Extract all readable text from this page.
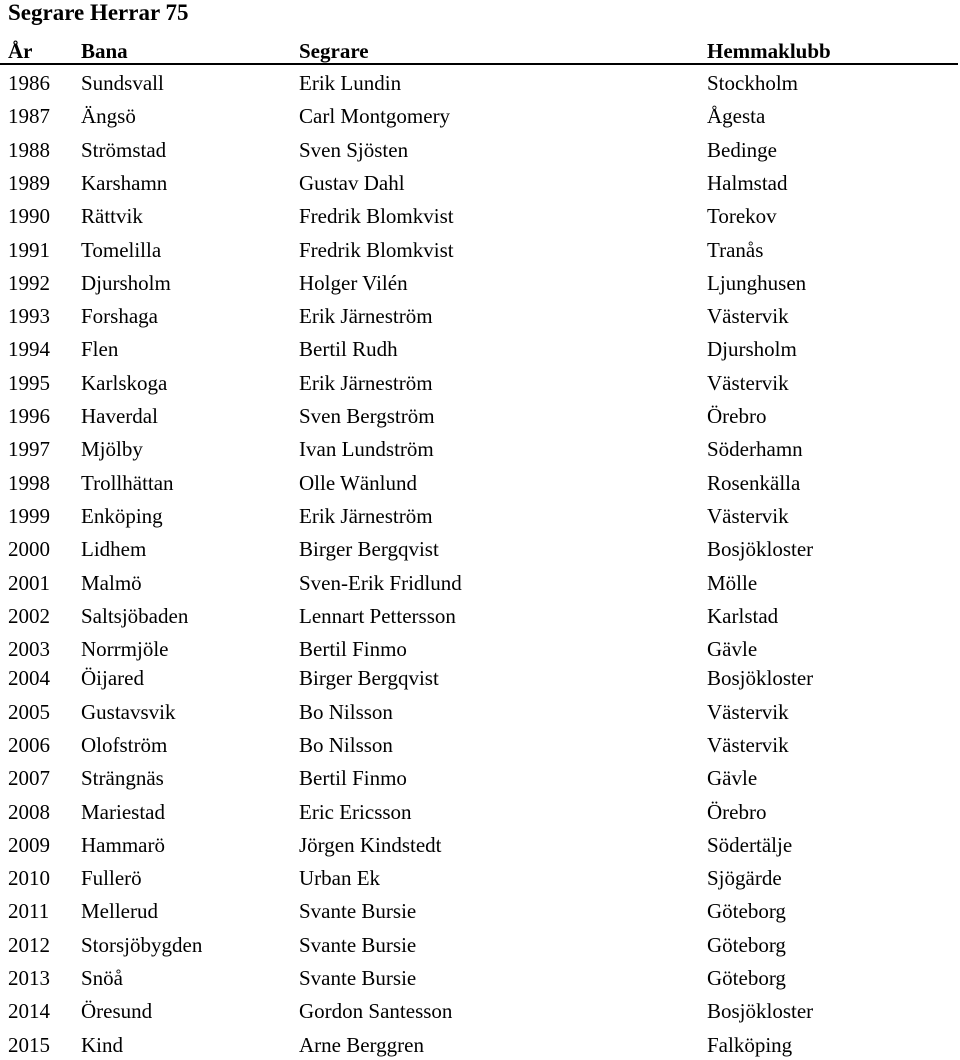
Segrare Herrar 75
År Bana	Segrare	Hemmaklubb
1986 Sundsvall	Erik Lundin	Stockholm
1987 Ängsö	Carl Montgomery	Ågesta
1988 Strömstad	Sven Sjösten	Bedinge
1989 Karshamn	Gustav Dahl	Halmstad
1990 Rättvik	Fredrik Blomkvist	Torekov
1991 Tomelilla	Fredrik Blomkvist	Tranås
1992 Djursholm	Holger Vilén	Ljunghusen
1993 Forshaga	Erik Järneström	Västervik
1994 Flen	Bertil Rudh	Djursholm
1995 Karlskoga	Erik Järneström	Västervik
1996 Haverdal	Sven Bergström	Örebro
1997 Mjölby	Ivan Lundström	Söderhamn
1998 Trollhättan	Olle Wänlund	Rosenkälla
1999 Enköping	Erik Järneström	Västervik
2000 Lidhem	Birger Bergqvist	Bosjökloster
2001 Malmö	Sven-Erik Fridlund	Mölle
2002 Saltsjöbaden	Lennart Pettersson	Karlstad
2003 Norrmjöle	Bertil Finmo	Gävle
2004 Öijared	Birger Bergqvist	Bosjökloster
2005 Gustavsvik	Bo Nilsson	Västervik
2006 Olofström	Bo Nilsson	Västervik
2007 Strängnäs	Bertil Finmo	Gävle
2008 Mariestad	Eric Ericsson	Örebro
2009 Hammarö	Jörgen Kindstedt	Södertälje
2010 Fullerö	Urban Ek	Sjögärde
2011 Mellerud	Svante Bursie	Göteborg
2012 Storsjöbygden	Svante Bursie	Göteborg
2013 Snöå	Svante Bursie	Göteborg
2014 Öresund	Gordon Santesson	Bosjökloster
2015 Kind	Arne Berggren	Falköping
